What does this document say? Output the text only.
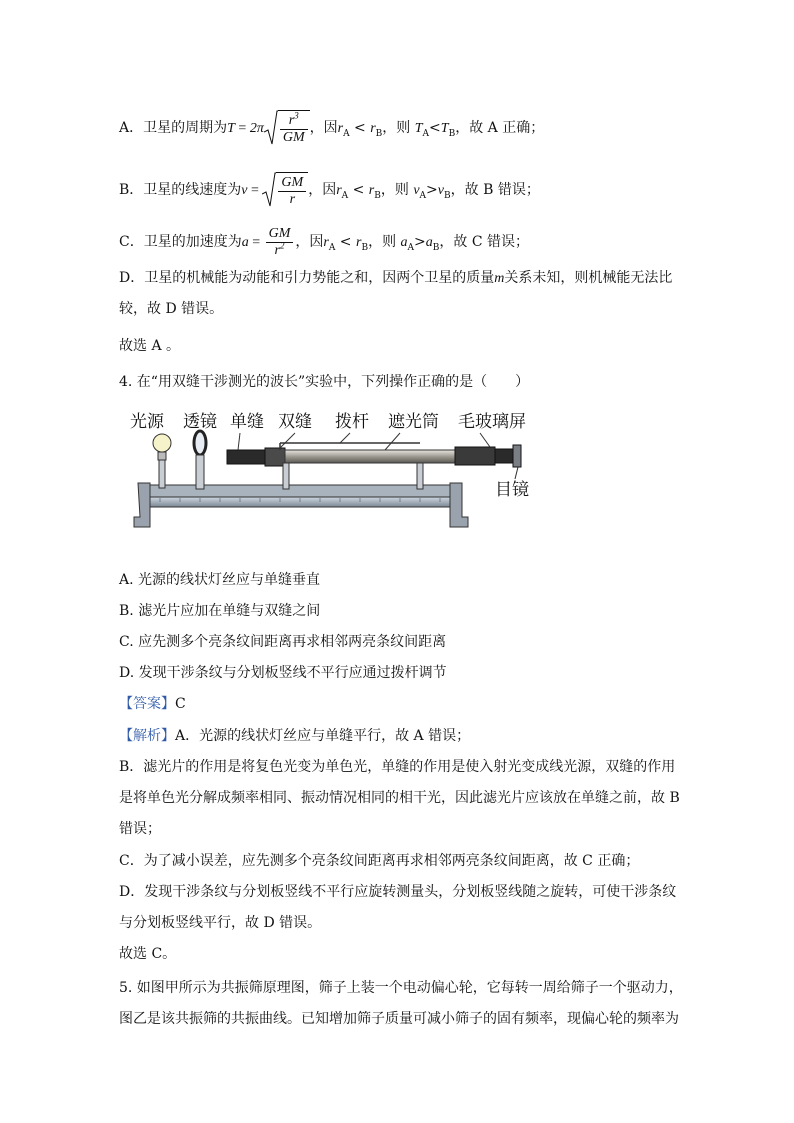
A．卫星的周期为$T = 2\pi \frac{r^3}{GM}$ ，因$r_A < r_B$，则 $T_A<T_B$，故 A 正确；
B．卫星的线速度为$v = \frac{GM}{r}$ ，因$r_A < r_B$，则 $v_A>v_B$，故 B 错误；
C．卫星的加速度为$a = \frac{GM}{r^2}$ ，因$r_A < r_B$，则 $a_A>a_B$，故 C 错误；
D．卫星的机械能为动能和引力势能之和，因两个卫星的质量m关系未知，则机械能无法比
较，故 D 错误。
故选 A 。
4. 在“用双缝干涉测光的波长”实验中，下列操作正确的是（　　）
光源 透镜 单缝 双缝 拨杆 遮光筒 毛玻璃屏
目镜
A. 光源的线状灯丝应与单缝垂直
B. 滤光片应加在单缝与双缝之间
C. 应先测多个亮条纹间距离再求相邻两亮条纹间距离
D. 发现干涉条纹与分划板竖线不平行应通过拨杆调节
【答案】C
【解析】A．光源的线状灯丝应与单缝平行，故 A 错误；
B．滤光片的作用是将复色光变为单色光，单缝的作用是使入射光变成线光源，双缝的作用
是将单色光分解成频率相同、振动情况相同的相干光，因此滤光片应该放在单缝之前，故 B
错误；
C．为了减小误差，应先测多个亮条纹间距离再求相邻两亮条纹间距离，故 C 正确；
D．发现干涉条纹与分划板竖线不平行应旋转测量头，分划板竖线随之旋转，可使干涉条纹
与分划板竖线平行，故 D 错误。
故选 C。
5. 如图甲所示为共振筛原理图，筛子上装一个电动偏心轮，它每转一周给筛子一个驱动力，
图乙是该共振筛的共振曲线。已知增加筛子质量可减小筛子的固有频率，现偏心轮的频率为
